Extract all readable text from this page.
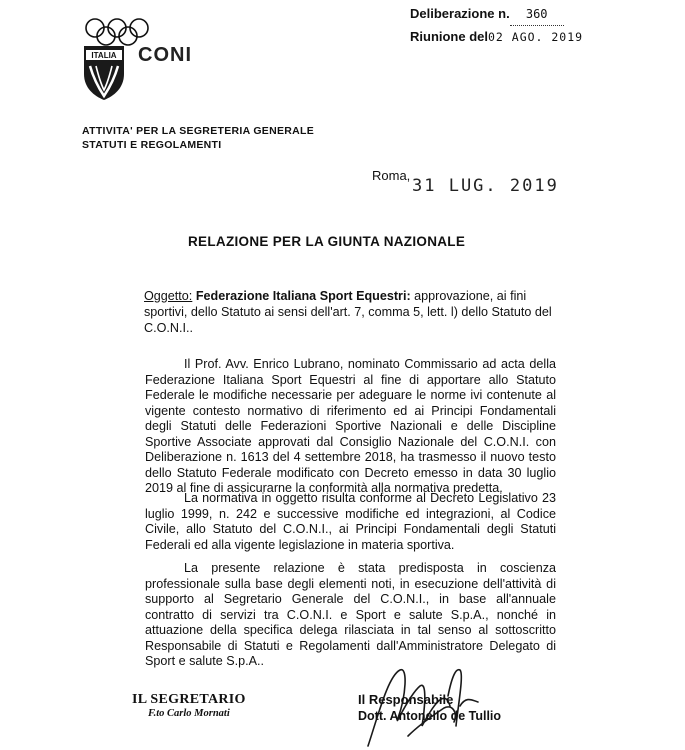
ITALIA CONI
ATTIVITA' PER LA SEGRETERIA GENERALE
STATUTI E REGOLAMENTI
Deliberazione n. 360
Riunione del02 AGO. 2019
Roma,
31 LUG. 2019
RELAZIONE PER LA GIUNTA NAZIONALE
Oggetto: Federazione Italiana Sport Equestri: approvazione, ai fini sportivi, dello Statuto ai sensi dell'art. 7, comma 5, lett. l) dello Statuto del C.O.N.I..
Il Prof. Avv. Enrico Lubrano, nominato Commissario ad acta della Federazione Italiana Sport Equestri al fine di apportare allo Statuto Federale le modifiche necessarie per adeguare le norme ivi contenute al vigente contesto normativo di riferimento ed ai Principi Fondamentali degli Statuti delle Federazioni Sportive Nazionali e delle Discipline Sportive Associate approvati dal Consiglio Nazionale del C.O.N.I. con Deliberazione n. 1613 del 4 settembre 2018, ha trasmesso il nuovo testo dello Statuto Federale modificato con Decreto emesso in data 30 luglio 2019 al fine di assicurarne la conformità alla normativa predetta.
La normativa in oggetto risulta conforme al Decreto Legislativo 23 luglio 1999, n. 242 e successive modifiche ed integrazioni, al Codice Civile, allo Statuto del C.O.N.I., ai Principi Fondamentali degli Statuti Federali ed alla vigente legislazione in materia sportiva.
La presente relazione è stata predisposta in coscienza professionale sulla base degli elementi noti, in esecuzione dell'attività di supporto al Segretario Generale del C.O.N.I., in base all'annuale contratto di servizi tra C.O.N.I. e Sport e salute S.p.A., nonché in attuazione della specifica delega rilasciata in tal senso al sottoscritto Responsabile di Statuti e Regolamenti dall'Amministratore Delegato di Sport e salute S.p.A..
IL SEGRETARIO
F.to Carlo Mornati
Il Responsabile
Dott. Antonello de Tullio
